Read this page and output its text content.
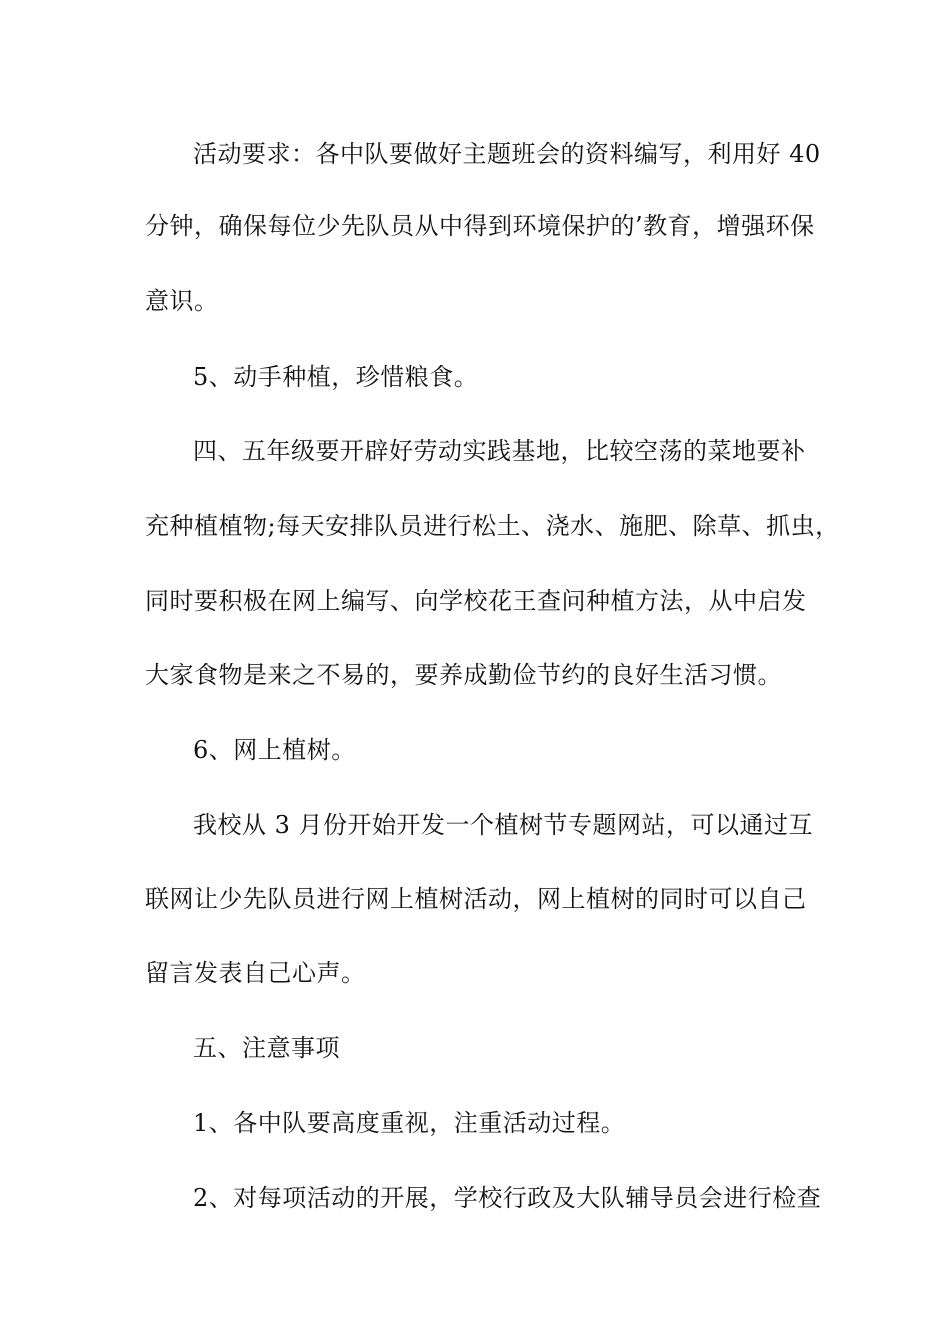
活动要求：各中队要做好主题班会的资料编写，利用好 40
分钟，确保每位少先队员从中得到环境保护的’教育，增强环保
意识。
5、动手种植，珍惜粮食。
四、五年级要开辟好劳动实践基地，比较空荡的菜地要补
充种植植物;每天安排队员进行松土、浇水、施肥、除草、抓虫，
同时要积极在网上编写、向学校花王查问种植方法，从中启发
大家食物是来之不易的，要养成勤俭节约的良好生活习惯。
6、网上植树。
我校从 3 月份开始开发一个植树节专题网站，可以通过互
联网让少先队员进行网上植树活动，网上植树的同时可以自己
留言发表自己心声。
五、注意事项
1、各中队要高度重视，注重活动过程。
2、对每项活动的开展，学校行政及大队辅导员会进行检查
